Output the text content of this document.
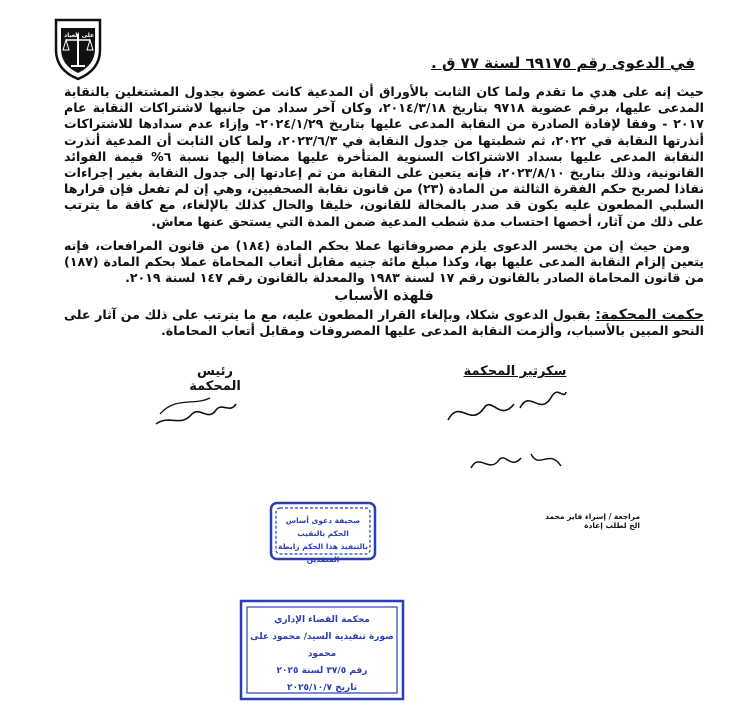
على العباد
في الدعوى رقم ٦٩١٧٥ لسنة ٧٧ ق .

حيث إنه على هدي ما تقدم ولما كان الثابت بالأوراق أن المدعية كانت عضوة بجدول المشتغلين بالنقابة المدعى عليها، برقم عضوية ٩٧١٨ بتاريخ ٢٠١٤/٣/١٨، وكان آخر سداد من جانبها لاشتراكات النقابة عام ٢٠١٧ - وفقا لإفادة الصادرة من النقابة المدعى عليها بتاريخ ٢٠٢٤/١/٢٩- وإزاء عدم سدادها للاشتراكات أنذرتها النقابة في ٢٠٢٢، ثم شطبتها من جدول النقابة في ٢٠٢٣/٦/٣، ولما كان الثابت أن المدعية أنذرت النقابة المدعى عليها بسداد الاشتراكات السنوية المتأخرة عليها مضافا إليها نسبة ٦% قيمة الفوائد القانونية، وذلك بتاريخ ٢٠٢٣/٨/١٠، فإنه يتعين على النقابة من ثم إعادتها إلى جدول النقابة بغير إجراءات نفاذا لصريح حكم الفقرة الثالثة من المادة (٢٣) من قانون نقابة الصحفيين، وهي إن لم تفعل فإن قرارها السلبي المطعون عليه يكون قد صدر بالمخالة للقانون، خليقا والحال كذلك بالإلغاء، مع كافة ما يترتب على ذلك من آثار، أخصها احتساب مدة شطب المدعية ضمن المدة التي يستحق عنها معاش.

ومن حيث إن من يخسر الدعوى يلزم مصروفاتها عملا بحكم المادة (١٨٤) من قانون المرافعات، فإنه يتعين إلزام النقابة المدعى عليها بها، وكذا مبلغ مائة جنيه مقابل أتعاب المحاماة عملا بحكم المادة (١٨٧) من قانون المحاماة الصادر بالقانون رقم ١٧ لسنة ١٩٨٣ والمعدلة بالقانون رقم ١٤٧ لسنة ٢٠١٩.

فلهذه الأسباب

حكمت المحكمة: بقبول الدعوى شكلا، وبإلغاء القرار المطعون عليه، مع ما يترتب على ذلك من آثار على النحو المبين بالأسباب، وألزمت النقابة المدعى عليها المصروفات ومقابل أتعاب المحاماة.

سكرتير المحكمة
رئيس المحكمة
صحيفة دعوى أساس الحكم بالنقيب
بالتنفيذ هذا الحكم رابطة المنفذين
مراجعة / إسراء فايز محمد
الخ لطلب إعادة
محكمة القضاء الإداري
صورة تنفيذية السيد/ محمود على محمود
رقم ٣٧/٥ لسنة ٢٠٢٥
تاريخ ٢٠٢٥/١٠/٧
